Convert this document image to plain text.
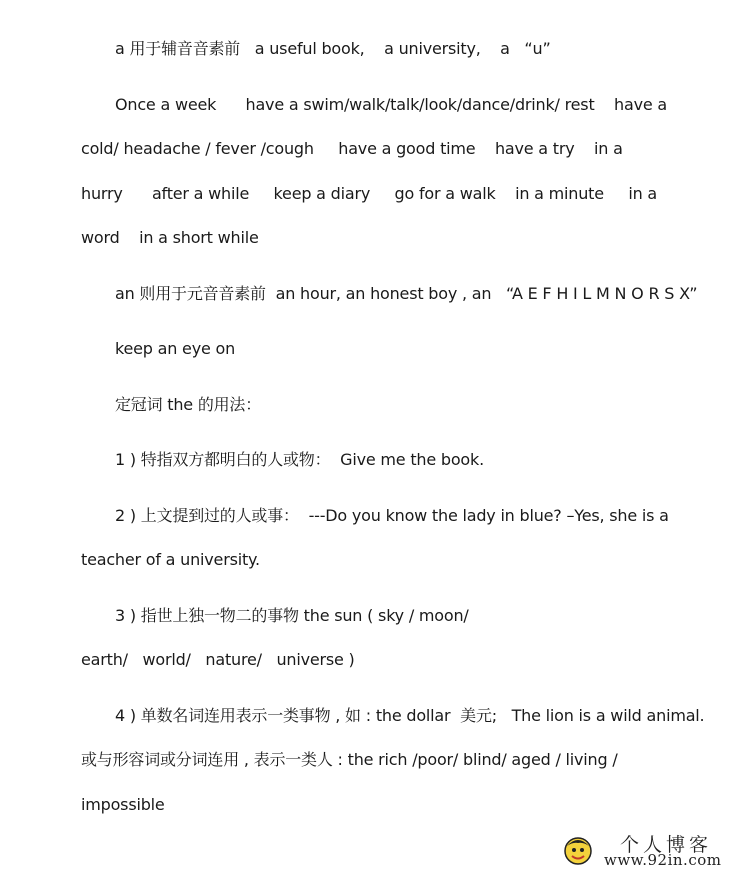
a 用于辅音音素前   a useful book,    a university,    a   “u”
Once a week      have a swim/walk/talk/look/dance/drink/ rest    have a
cold/ headache / fever /cough     have a good time    have a try    in a
hurry      after a while     keep a diary     go for a walk    in a minute     in a
word    in a short while
an 则用于元音音素前  an hour, an honest boy , an   “A E F H I L M N O R S X”
keep an eye on
定冠词 the 的用法：
1 ) 特指双方都明白的人或物：  Give me the book.
2 ) 上文提到过的人或事：  ---Do you know the lady in blue? –Yes, she is a
teacher of a university.
3 ) 指世上独一物二的事物 the sun ( sky / moon/
earth/   world/   nature/   universe )
4 ) 单数名词连用表示一类事物 , 如 : the dollar  美元;   The lion is a wild animal.
或与形容词或分词连用 , 表示一类人 : the rich /poor/ blind/ aged / living /
impossible
个人博客
www.92in.com
